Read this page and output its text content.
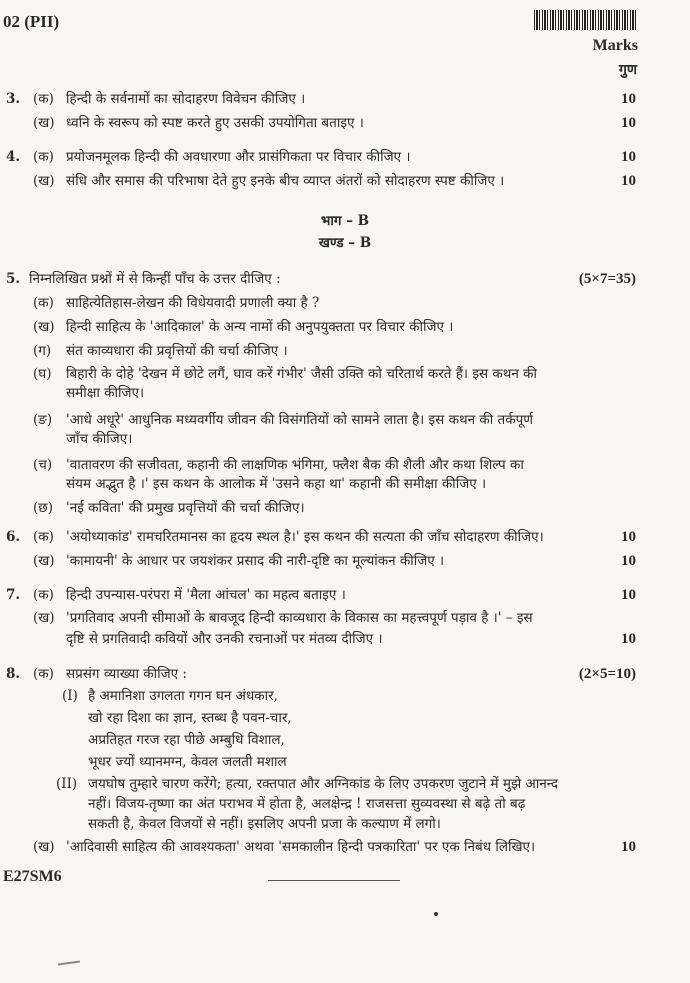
02 (PII)
Marks
गुण
3. (क) हिन्दी के सर्वनामों का सोदाहरण विवेचन कीजिए ।	10
(ख) ध्वनि के स्वरूप को स्पष्ट करते हुए उसकी उपयोगिता बताइए ।	10
4. (क) प्रयोजनमूलक हिन्दी की अवधारणा और प्रासंगिकता पर विचार कीजिए ।	10
(ख) संधि और समास की परिभाषा देते हुए इनके बीच व्याप्त अंतरों को सोदाहरण स्पष्ट कीजिए ।	10
भाग – B
खण्ड – B
5. निम्नलिखित प्रश्नों में से किन्हीं पाँच के उत्तर दीजिए :	(5×7=35)
(क) साहित्येतिहास-लेखन की विधेयवादी प्रणाली क्या है ?
(ख) हिन्दी साहित्य के 'आदिकाल' के अन्य नामों की अनुपयुक्तता पर विचार कीजिए ।
(ग) संत काव्यधारा की प्रवृत्तियों की चर्चा कीजिए ।
(घ) बिहारी के दोहे 'देखन में छोटे लगैं, घाव करें गंभीर' जैसी उक्ति को चरितार्थ करते हैं। इस कथन की
समीक्षा कीजिए।
(ङ) 'आधे अधूरे' आधुनिक मध्यवर्गीय जीवन की विसंगतियों को सामने लाता है। इस कथन की तर्कपूर्ण
जाँच कीजिए।
(च) 'वातावरण की सजीवता, कहानी की लाक्षणिक भंगिमा, फ्लैश बैक की शैली और कथा शिल्प का
संयम अद्भुत है ।' इस कथन के आलोक में 'उसने कहा था' कहानी की समीक्षा कीजिए ।
(छ) 'नई कविता' की प्रमुख प्रवृत्तियों की चर्चा कीजिए।
6. (क) 'अयोध्याकांड' रामचरितमानस का हृदय स्थल है।' इस कथन की सत्यता की जाँच सोदाहरण कीजिए।	10
(ख) 'कामायनी' के आधार पर जयशंकर प्रसाद की नारी-दृष्टि का मूल्यांकन कीजिए ।	10
7. (क) हिन्दी उपन्यास-परंपरा में 'मैला आंचल' का महत्व बताइए ।	10
(ख) 'प्रगतिवाद अपनी सीमाओं के बावजूद हिन्दी काव्यधारा के विकास का महत्त्वपूर्ण पड़ाव है ।' – इस
दृष्टि से प्रगतिवादी कवियों और उनकी रचनाओं पर मंतव्य दीजिए ।	10
8. (क) सप्रसंग व्याख्या कीजिए :	(2×5=10)
(I) है अमानिशा उगलता गगन घन अंधकार,
खो रहा दिशा का ज्ञान, स्तब्ध है पवन-चार,
अप्रतिहत गरज रहा पीछे अम्बुधि विशाल,
भूधर ज्यों ध्यानमग्न, केवल जलती मशाल
(II) जयघोष तुम्हारे चारण करेंगे; हत्या, रक्तपात और अग्निकांड के लिए उपकरण जुटाने में मुझे आनन्द
नहीं। विजय-तृष्णा का अंत पराभव में होता है, अलक्षेन्द्र ! राजसत्ता सुव्यवस्था से बढ़े तो बढ़
सकती है, केवल विजयों से नहीं। इसलिए अपनी प्रजा के कल्याण में लगो।
(ख) 'आदिवासी साहित्य की आवश्यकता' अथवा 'समकालीन हिन्दी पत्रकारिता' पर एक निबंध लिखिए।	10
E27SM6
